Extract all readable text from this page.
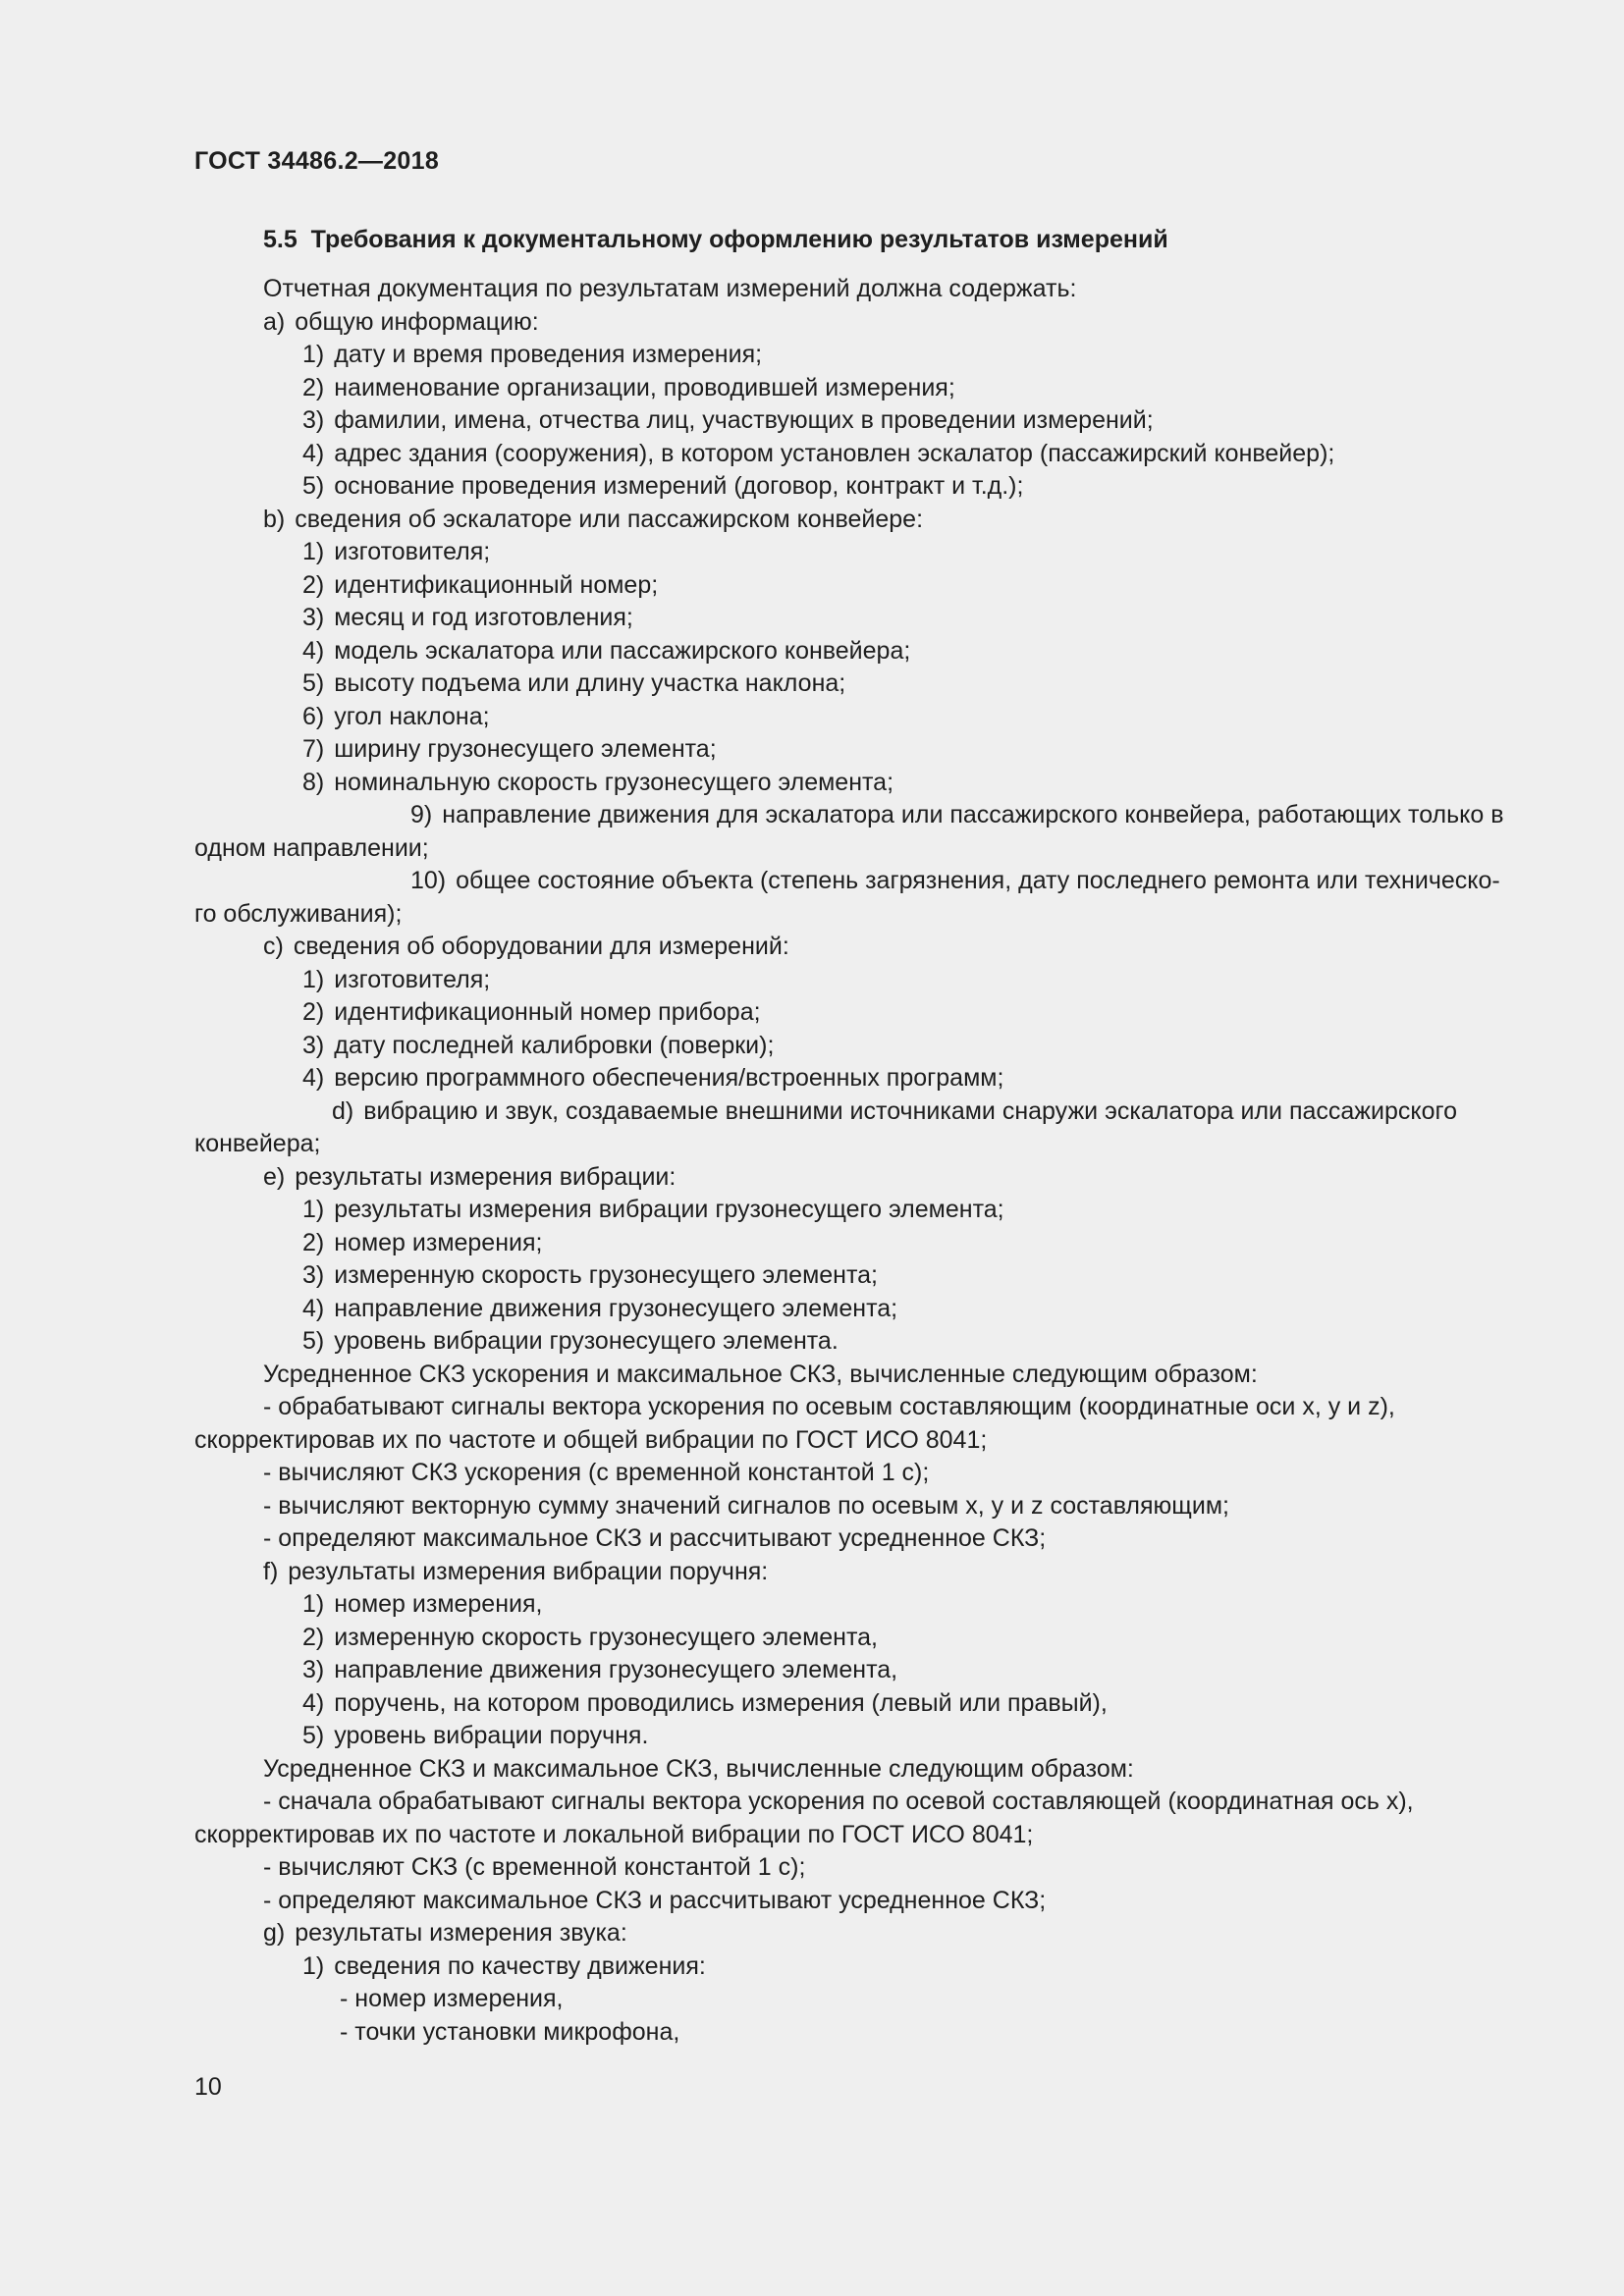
ГОСТ 34486.2—2018
5.5 Требования к документальному оформлению результатов измерений
Отчетная документация по результатам измерений должна содержать:
a) общую информацию:
1) дату и время проведения измерения;
2) наименование организации, проводившей измерения;
3) фамилии, имена, отчества лиц, участвующих в проведении измерений;
4) адрес здания (сооружения), в котором установлен эскалатор (пассажирский конвейер);
5) основание проведения измерений (договор, контракт и т.д.);
b) сведения об эскалаторе или пассажирском конвейере:
1) изготовителя;
2) идентификационный номер;
3) месяц и год изготовления;
4) модель эскалатора или пассажирского конвейера;
5) высоту подъема или длину участка наклона;
6) угол наклона;
7) ширину грузонесущего элемента;
8) номинальную скорость грузонесущего элемента;
9) направление движения для эскалатора или пассажирского конвейера, работающих только в одном направлении;
10) общее состояние объекта (степень загрязнения, дату последнего ремонта или техническо-го обслуживания);
c) сведения об оборудовании для измерений:
1) изготовителя;
2) идентификационный номер прибора;
3) дату последней калибровки (поверки);
4) версию программного обеспечения/встроенных программ;
d) вибрацию и звук, создаваемые внешними источниками снаружи эскалатора или пассажирского конвейера;
e) результаты измерения вибрации:
1) результаты измерения вибрации грузонесущего элемента;
2) номер измерения;
3) измеренную скорость грузонесущего элемента;
4) направление движения грузонесущего элемента;
5) уровень вибрации грузонесущего элемента.
Усредненное СКЗ ускорения и максимальное СКЗ, вычисленные следующим образом:
- обрабатывают сигналы вектора ускорения по осевым составляющим (координатные оси x, y и z), скорректировав их по частоте и общей вибрации по ГОСТ ИСО 8041;
- вычисляют СКЗ ускорения (с временной константой 1 с);
- вычисляют векторную сумму значений сигналов по осевым x, y и z составляющим;
- определяют максимальное СКЗ и рассчитывают усредненное СКЗ;
f) результаты измерения вибрации поручня:
1) номер измерения,
2) измеренную скорость грузонесущего элемента,
3) направление движения грузонесущего элемента,
4) поручень, на котором проводились измерения (левый или правый),
5) уровень вибрации поручня.
Усредненное СКЗ и максимальное СКЗ, вычисленные следующим образом:
- сначала обрабатывают сигналы вектора ускорения по осевой составляющей (координатная ось x), скорректировав их по частоте и локальной вибрации по ГОСТ ИСО 8041;
- вычисляют СКЗ (с временной константой 1 с);
- определяют максимальное СКЗ и рассчитывают усредненное СКЗ;
g) результаты измерения звука:
1) сведения по качеству движения:
- номер измерения,
- точки установки микрофона,
10
